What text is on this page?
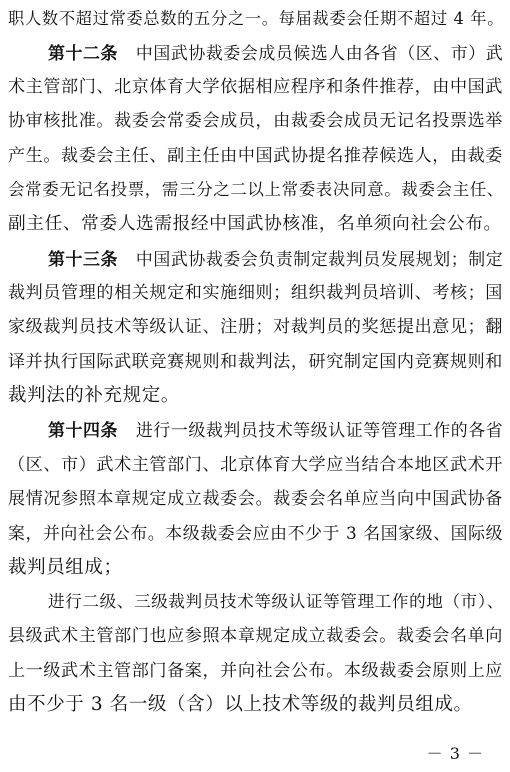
职人数不超过常委总数的五分之一。每届裁委会任期不超过 4 年。
第十二条 中国武协裁委会成员候选人由各省（区、市）武
术主管部门、北京体育大学依据相应程序和条件推荐，由中国武
协审核批准。裁委会常委会成员，由裁委会成员无记名投票选举
产生。裁委会主任、副主任由中国武协提名推荐候选人，由裁委
会常委无记名投票，需三分之二以上常委表决同意。裁委会主任、
副主任、常委人选需报经中国武协核准，名单须向社会公布。
第十三条 中国武协裁委会负责制定裁判员发展规划；制定
裁判员管理的相关规定和实施细则；组织裁判员培训、考核；国
家级裁判员技术等级认证、注册；对裁判员的奖惩提出意见；翻
译并执行国际武联竞赛规则和裁判法，研究制定国内竞赛规则和
裁判法的补充规定。
第十四条 进行一级裁判员技术等级认证等管理工作的各省
（区、市）武术主管部门、北京体育大学应当结合本地区武术开
展情况参照本章规定成立裁委会。裁委会名单应当向中国武协备
案，并向社会公布。本级裁委会应由不少于 3 名国家级、国际级
裁判员组成；
进行二级、三级裁判员技术等级认证等管理工作的地（市）、
县级武术主管部门也应参照本章规定成立裁委会。裁委会名单向
上一级武术主管部门备案，并向社会公布。本级裁委会原则上应
由不少于 3 名一级（含）以上技术等级的裁判员组成。
－ 3 －
